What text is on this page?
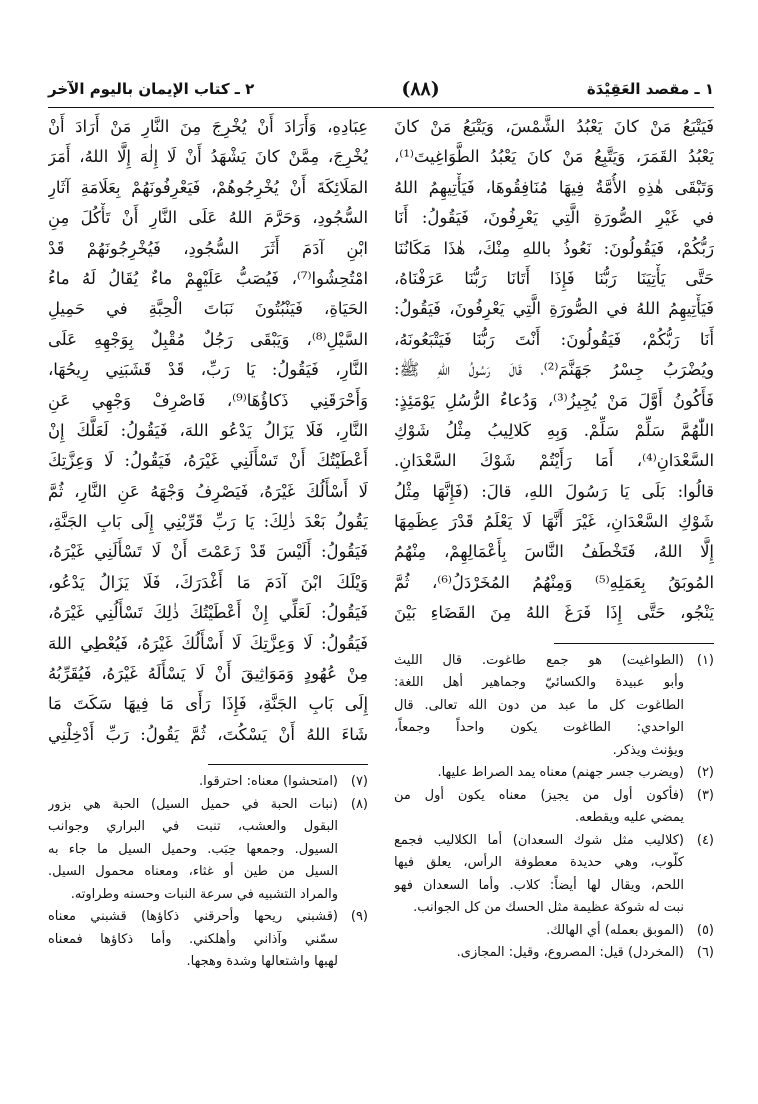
١ ـ مقصد العَقِيْدَة
(٨٨)
٢ ـ كتاب الإيمان باليوم الآخر
فَيَتْبَعُ مَنْ كانَ يَعْبُدُ الشَّمْسَ، وَيَتْبَعُ مَنْ كانَ
يَعْبُدُ القَمَرَ، وَيَتَّبِعُ مَنْ كانَ يَعْبُدُ الطَّوَاغِيتَ⁽¹⁾،
وَتَبْقَى هٰذِهِ الأُمَّةُ فِيهَا مُنَافِقُوهَا، فَيَأْتِيهِمُ اللهُ
في غَيْرِ الصُّورَةِ الَّتِي يَعْرِفُونَ، فَيَقُولُ: أَنَا
رَبُّكُمْ، فَيَقُولُونَ: نَعُوذُ باللهِ مِنْكَ، هٰذَا مَكَانُنَا
حَتَّى يَأْتِيَنَا رَبُّنَا فَإِذَا أَتَانَا رَبُّنَا عَرَفْنَاهُ،
فَيَأْتِيهِمُ اللهُ في الصُّورَةِ الَّتِي يَعْرِفُونَ، فَيَقُولُ:
أَنَا رَبُّكُمْ، فَيَقُولُونَ: أَنْتَ رَبُّنَا فَيَتْبَعُونَهُ،
ويُضْرَبُ جِسْرُ جَهَنَّمَ⁽²⁾، قَالَ رَسُولُ اللهِ ﷺ:
فَأَكُونُ أَوَّلَ مَنْ يُجِيزُ⁽³⁾، وَدُعاءُ الرُّسُلِ يَوْمَئِذٍ:
اللّٰهُمَّ سَلِّمْ سَلِّمْ. وَبِهِ كَلالِيبُ مِثْلُ شَوْكِ
السَّعْدَانِ⁽⁴⁾، أَمَا رَأَيْتُمْ شَوْكَ السَّعْدَانِ.
قالُوا: بَلَى يَا رَسُولَ اللهِ، قالَ: (فَإِنَّهَا مِثْلُ
شَوْكِ السَّعْدَانِ، غَيْرَ أَنَّهَا لَا يَعْلَمُ قَدْرَ عِظَمِهَا
إِلَّا اللهُ، فَتَخْطَفُ النَّاسَ بِأَعْمَالِهِمْ، مِنْهُمُ
المُوبَقُ بِعَمَلِهِ⁽⁵⁾ وَمِنْهُمُ المُخَرْدَلُ⁽⁶⁾، ثُمَّ
يَنْجُو، حَتَّى إِذَا فَرَغَ اللهُ مِنَ القَضَاءِ بَيْنَ
(١)
(الطواغيت) هو جمع طاغوت. قال الليث
وأبو عبيدة والكسائيّ وجماهير أهل اللغة:
الطاغوت كل ما عبد من دون الله تعالى. قال
الواحدي: الطاغوت يكون واحداً وجمعاً،
ويؤنث ويذكر.
(٢)
(ويضرب جسر جهنم) معناه يمد الصراط عليها.
(٣)
(فأكون أول من يجيز) معناه يكون أول من
يمضي عليه ويقطعه.
(٤)
(كلاليب مثل شوك السعدان) أما الكلاليب فجمع
كلُّوب، وهي حديدة معطوفة الرأس، يعلق فيها
اللحم، ويقال لها أيضاً: كلاب. وأما السعدان فهو
نبت له شوكة عظيمة مثل الحسك من كل الجوانب.
(٥)
(الموبق بعمله) أي الهالك.
(٦)
(المخردل) قيل: المصروع، وقيل: المجازى.
عِبَادِهِ، وَأَرَادَ أَنْ يُخْرِجَ مِنَ النَّارِ مَنْ أَرَادَ أَنْ
يُخْرِجَ، مِمَّنْ كانَ يَشْهَدُ أَنْ لَا إِلٰهَ إِلَّا اللهُ، أَمَرَ
المَلَائِكَةَ أَنْ يُخْرِجُوهُمْ، فَيَعْرِفُونَهُمْ بِعَلَامَةِ آثَارِ
السُّجُودِ، وَحَرَّمَ اللهُ عَلَى النَّارِ أَنْ تَأْكُلَ مِنِ
ابْنِ آدَمَ أَثَرَ السُّجُودِ، فَيُخْرِجُونَهُمْ قَدْ
امْتُحِشُوا⁽⁷⁾، فَيُصَبُّ عَلَيْهِمْ ماءٌ يُقَالُ لَهُ ماءُ
الحَيَاةِ، فَيَنْبُتُونَ نَبَاتَ الْحِبَّةِ في حَمِيلِ
السَّيْلِ⁽⁸⁾، وَيَبْقَى رَجُلٌ مُقْبِلٌ بِوَجْهِهِ عَلَى
النَّارِ، فَيَقُولُ: يَا رَبِّ، قَدْ قَشَبَنِي رِيحُهَا،
وَأَحْرَقَنِي ذَكاؤُهَا⁽⁹⁾، فَاصْرِفْ وَجْهِي عَنِ
النَّارِ، فَلَا يَزَالُ يَدْعُو اللهَ، فَيَقُولُ: لَعَلَّكَ إِنْ
أَعْطَيْتُكَ أَنْ تَسْأَلَنِي غَيْرَهُ، فَيَقُولُ: لَا وَعِزَّتِكَ
لَا أَسْأَلُكَ غَيْرَهُ، فَيَصْرِفُ وَجْهَهُ عَنِ النَّارِ، ثُمَّ
يَقُولُ بَعْدَ ذٰلِكَ: يَا رَبِّ قَرِّبْنِي إِلَى بَابِ الجَنَّةِ،
فَيَقُولُ: أَلَيْسَ قَدْ زَعَمْتَ أَنْ لَا تَسْأَلَنِي غَيْرَهُ،
وَيْلَكَ ابْنَ آدَمَ مَا أَغْدَرَكَ، فَلَا يَزَالُ يَدْعُو،
فَيَقُولُ: لَعَلِّي إِنْ أَعْطَيْتُكَ ذٰلِكَ تَسْأَلُنِي غَيْرَهُ،
فَيَقُولُ: لَا وَعِزَّتِكَ لَا أَسْأَلُكَ غَيْرَهُ، فَيُعْطِي اللهَ
مِنْ عُهُودٍ وَمَوَاثِيقَ أَنْ لَا يَسْأَلَهُ غَيْرَهُ، فَيُقَرِّبُهُ
إِلَى بَابِ الجَنَّةِ، فَإِذَا رَأَى مَا فِيهَا سَكَتَ مَا
شَاءَ اللهُ أَنْ يَسْكُتَ، ثُمَّ يَقُولُ: رَبِّ أَدْخِلْنِي
(٧)
(امتحشوا) معناه: احترقوا.
(٨)
(نبات الحبة في حميل السيل) الحبة هي بزور
البقول والعشب، تنبت في البراري وجوانب
السيول. وجمعها حِبَب. وحميل السيل ما جاء به
السيل من طين أو غثاء، ومعناه محمول السيل.
والمراد التشبيه في سرعة النبات وحسنه وطراوته.
(٩)
(قشبني ريحها وأحرقني ذكاؤها) قشبني معناه
سمّني وآذاني وأهلكني. وأما ذكاؤها فمعناه
لهبها واشتعالها وشدة وهجها.
